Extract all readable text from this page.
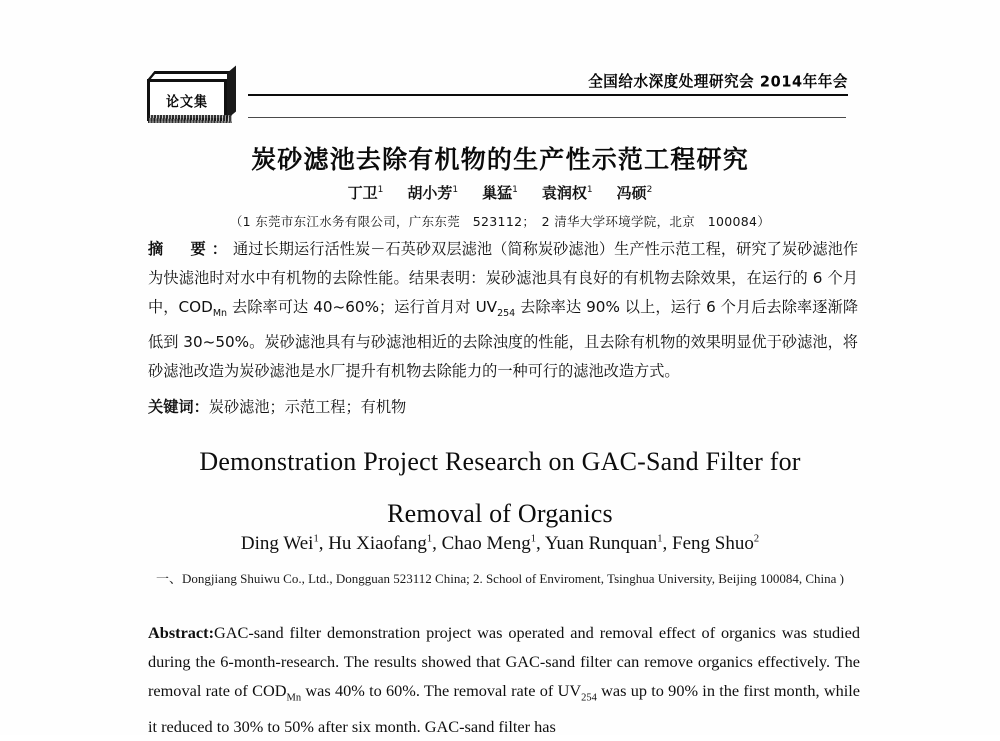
论文集
全国给水深度处理研究会 2014年年会
炭砂滤池去除有机物的生产性示范工程研究
丁卫$^1$ 胡小芳$^1$ 巢猛$^1$ 袁润权$^1$ 冯硕$^2$
（1 东莞市东江水务有限公司，广东东莞　523112；　2 清华大学环境学院，北京　100084）
摘　要：通过长期运行活性炭－石英砂双层滤池（简称炭砂滤池）生产性示范工程，研究了炭砂滤池作为快滤池时对水中有机物的去除性能。结果表明：炭砂滤池具有良好的有机物去除效果，在运行的 6 个月中，$COD_{Mn}$ 去除率可达 40~60%；运行首月对 $UV_{254}$ 去除率达 90% 以上，运行 6 个月后去除率逐渐降低到 30~50%。炭砂滤池具有与砂滤池相近的去除浊度的性能，且去除有机物的效果明显优于砂滤池，将砂滤池改造为炭砂滤池是水厂提升有机物去除能力的一种可行的滤池改造方式。
关键词：炭砂滤池；示范工程；有机物
Demonstration Project Research on GAC-Sand Filter for
Removal of Organics
Ding Wei$^1$, Hu Xiaofang$^1$, Chao Meng$^1$, Yuan Runquan$^1$, Feng Shuo$^2$
一、Dongjiang Shuiwu Co., Ltd., Dongguan 523112 China; 2. School of Enviroment, Tsinghua University, Beijing 100084, China )
Abstract:GAC-sand filter demonstration project was operated and removal effect of organics was studied during the 6-month-research. The results showed that GAC-sand filter can remove organics effectively. The removal rate of $COD_{Mn}$ was 40% to 60%. The removal rate of $UV_{254}$ was up to 90% in the first month, while it reduced to 30% to 50% after six month. GAC-sand filter has
